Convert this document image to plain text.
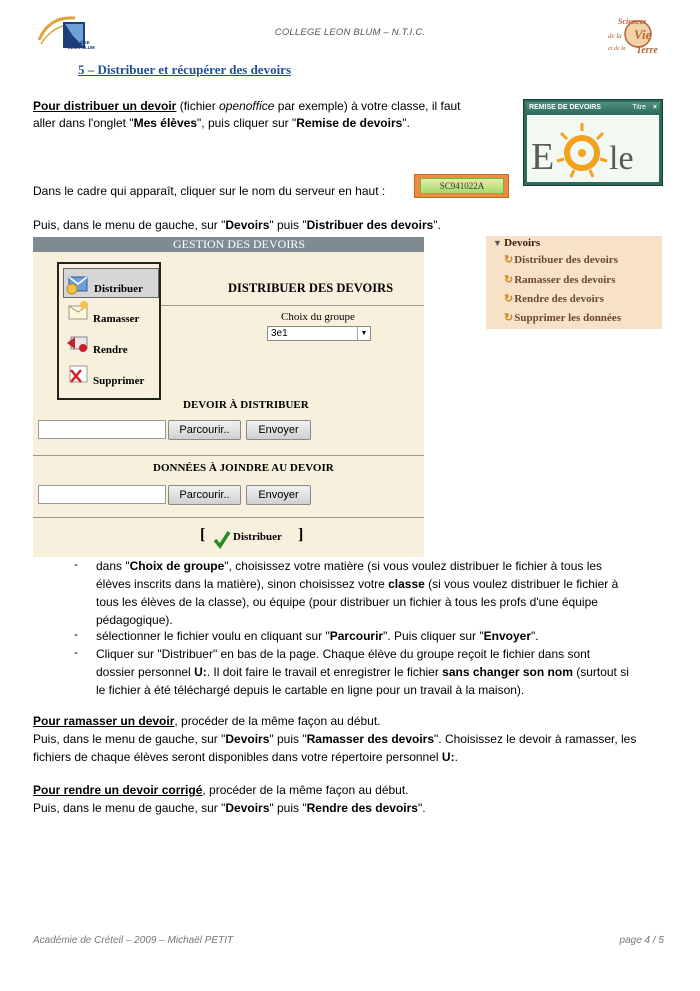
COLLÈGE LÉON BLUM
COLLEGE LEON BLUM – N.T.I.C.
Sciences
de la Vie
et de la Terre
5 – Distribuer et récupérer des devoirs
Pour distribuer un devoir (fichier openoffice par exemple) à votre classe, il faut
aller dans l'onglet "Mes élèves", puis cliquer sur "Remise de devoirs".
REMISE DE DEVOIRS	Titre ×
E le
Dans le cadre qui apparaît, cliquer sur le nom du serveur en haut :	SC941022A
Puis, dans le menu de gauche, sur "Devoirs" puis "Distribuer des devoirs".
GESTION DES DEVOIRS
Distribuer
Ramasser
Rendre
Supprimer
DISTRIBUER DES DEVOIRS
Choix du groupe
3e1	▼
DEVOIR À DISTRIBUER
Parcourir..	Envoyer
DONNÉES À JOINDRE AU DEVOIR
Parcourir..	Envoyer
[	Distribuer ]
▼ Devoirs
↻Distribuer des devoirs
↻Ramasser des devoirs
↻Rendre des devoirs
↻Supprimer les données
- dans "Choix de groupe", choisissez votre matière (si vous voulez distribuer le fichier à tous les
élèves inscrits dans la matière), sinon choisissez votre classe (si vous voulez distribuer le fichier à
tous les élèves de la classe), ou équipe (pour distribuer un fichier à tous les profs d'une équipe
pédagogique).
- sélectionner le fichier voulu en cliquant sur "Parcourir". Puis cliquer sur "Envoyer".
- Cliquer sur "Distribuer" en bas de la page. Chaque élève du groupe reçoit le fichier dans sont
dossier personnel U:. Il doit faire le travail et enregistrer le fichier sans changer son nom (surtout si
le fichier à été téléchargé depuis le cartable en ligne pour un travail à la maison).
Pour ramasser un devoir, procéder de la même façon au début.
Puis, dans le menu de gauche, sur "Devoirs" puis "Ramasser des devoirs". Choisissez le devoir à ramasser, les
fichiers de chaque élèves seront disponibles dans votre répertoire personnel U:.
Pour rendre un devoir corrigé, procéder de la même façon au début.
Puis, dans le menu de gauche, sur "Devoirs" puis "Rendre des devoirs".
Académie de Créteil – 2009 – Michaël PETIT	page 4 / 5
